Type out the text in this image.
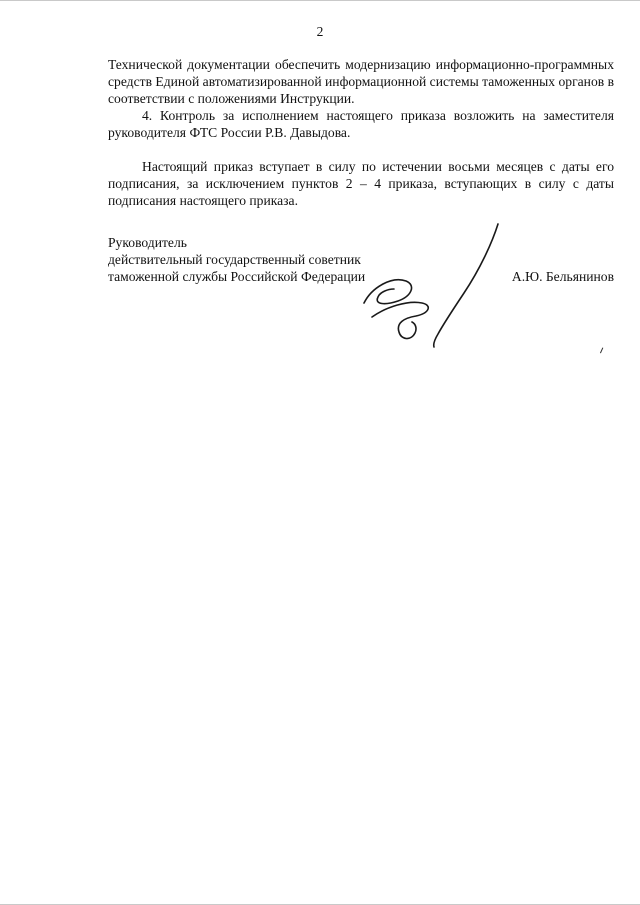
2

Технической документации обеспечить модернизацию информационно-программных средств Единой автоматизированной информационной системы таможенных органов в соответствии с положениями Инструкции.

4. Контроль за исполнением настоящего приказа возложить на заместителя руководителя ФТС России Р.В. Давыдова.

Настоящий приказ вступает в силу по истечении восьми месяцев с даты его подписания, за исключением пунктов 2 – 4 приказа, вступающих в силу с даты подписания настоящего приказа.

Руководитель
действительный государственный советник
таможенной службы Российской Федерации	А.Ю. Бельянинов
